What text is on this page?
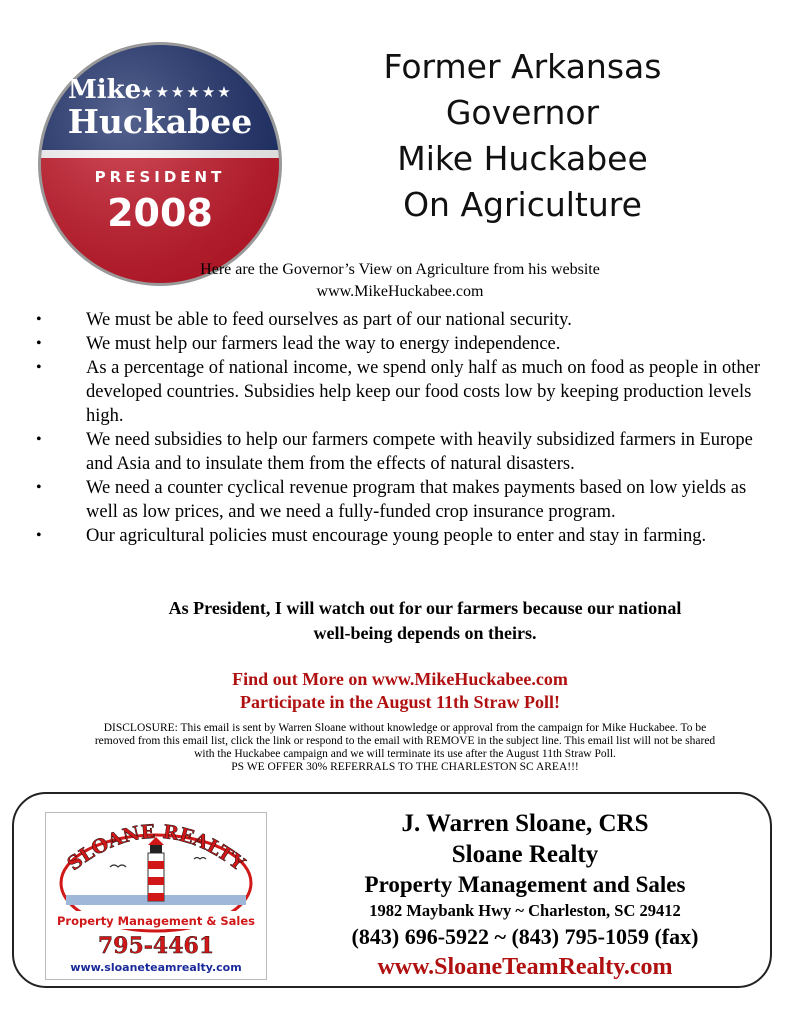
Mike
★★★★★★
Huckabee
PRESIDENT
2008
Former Arkansas
Governor
Mike Huckabee
On Agriculture
Here are the Governor’s View on Agriculture from his website
www.MikeHuckabee.com
• We must be able to feed ourselves as part of our national security.
• We must help our farmers lead the way to energy independence.
• As a percentage of national income, we spend only half as much on food as people in other developed countries. Subsidies help keep our food costs low by keeping production levels high.
• We need subsidies to help our farmers compete with heavily subsidized farmers in Europe and Asia and to insulate them from the effects of natural disasters.
• We need a counter cyclical revenue program that makes payments based on low yields as well as low prices, and we need a fully-funded crop insurance program.
• Our agricultural policies must encourage young people to enter and stay in farming.
As President, I will watch out for our farmers because our national
well-being depends on theirs.
Find out More on www.MikeHuckabee.com
Participate in the August 11th Straw Poll!
DISCLOSURE: This email is sent by Warren Sloane without knowledge or approval from the campaign for Mike Huckabee. To be
removed from this email list, click the link or respond to the email with REMOVE in the subject line. This email list will not be shared
with the Huckabee campaign and we will terminate its use after the August 11th Straw Poll.
PS WE OFFER 30% REFERRALS TO THE CHARLESTON SC AREA!!!
SLOANE REALTY
Property Management & Sales
795-4461
www.sloaneteamrealty.com
J. Warren Sloane, CRS
Sloane Realty
Property Management and Sales
1982 Maybank Hwy ~ Charleston, SC 29412
(843) 696-5922 ~ (843) 795-1059 (fax)
www.SloaneTeamRealty.com
